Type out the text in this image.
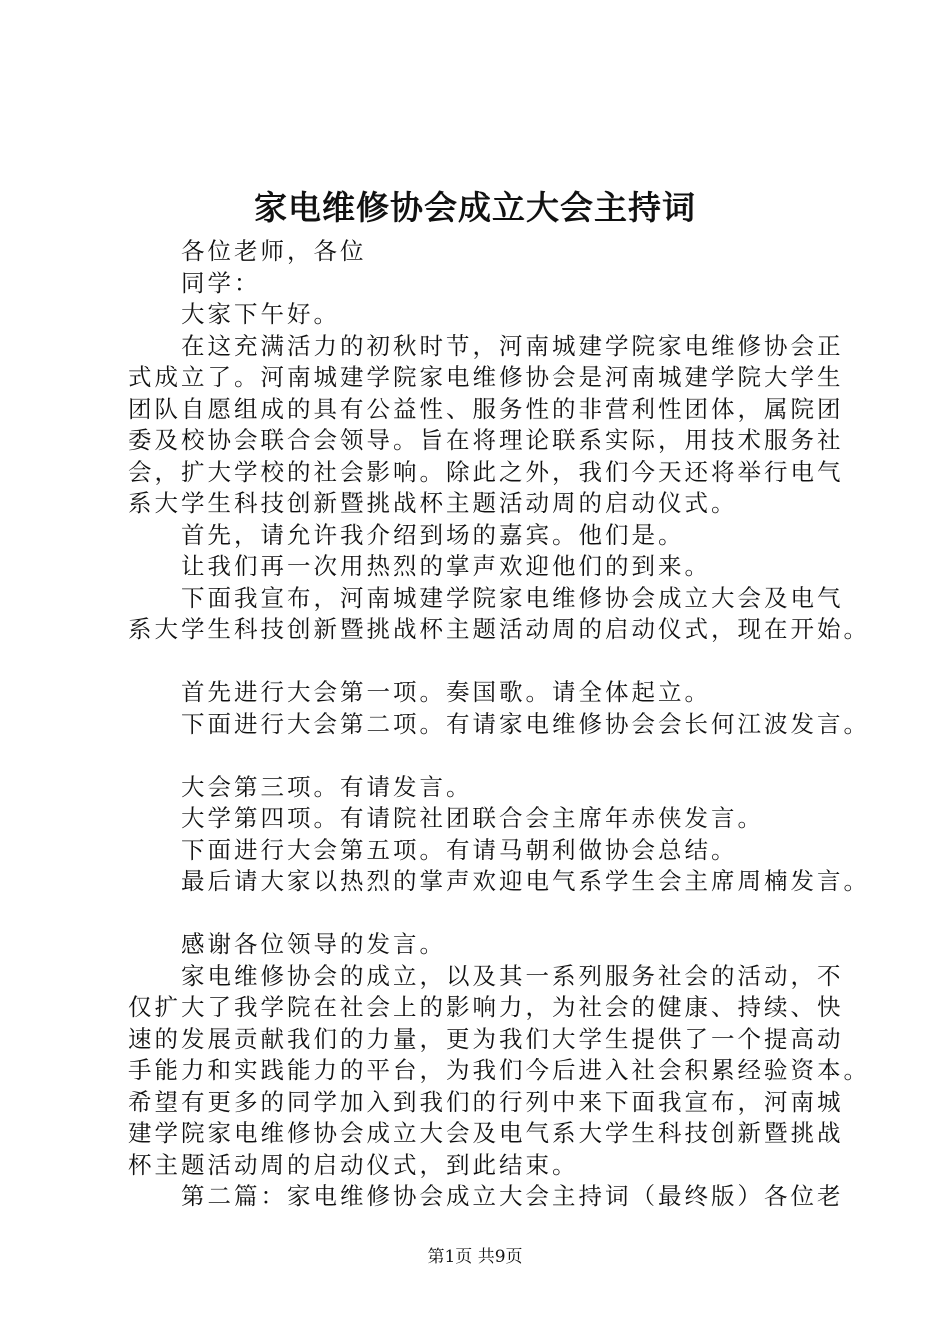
家电维修协会成立大会主持词
各位老师，各位
同学：
大家下午好。
在这充满活力的初秋时节，河南城建学院家电维修协会正
式成立了。河南城建学院家电维修协会是河南城建学院大学生
团队自愿组成的具有公益性、服务性的非营利性团体，属院团
委及校协会联合会领导。旨在将理论联系实际，用技术服务社
会，扩大学校的社会影响。除此之外，我们今天还将举行电气
系大学生科技创新暨挑战杯主题活动周的启动仪式。
首先，请允许我介绍到场的嘉宾。他们是。
让我们再一次用热烈的掌声欢迎他们的到来。
下面我宣布，河南城建学院家电维修协会成立大会及电气
系大学生科技创新暨挑战杯主题活动周的启动仪式，现在开始。
首先进行大会第一项。奏国歌。请全体起立。
下面进行大会第二项。有请家电维修协会会长何江波发言。
大会第三项。有请发言。
大学第四项。有请院社团联合会主席年赤侠发言。
下面进行大会第五项。有请马朝利做协会总结。
最后请大家以热烈的掌声欢迎电气系学生会主席周楠发言。
感谢各位领导的发言。
家电维修协会的成立，以及其一系列服务社会的活动，不
仅扩大了我学院在社会上的影响力，为社会的健康、持续、快
速的发展贡献我们的力量，更为我们大学生提供了一个提高动
手能力和实践能力的平台，为我们今后进入社会积累经验资本。
希望有更多的同学加入到我们的行列中来下面我宣布，河南城
建学院家电维修协会成立大会及电气系大学生科技创新暨挑战
杯主题活动周的启动仪式，到此结束。
第二篇：家电维修协会成立大会主持词（最终版）各位老
第1页 共9页
